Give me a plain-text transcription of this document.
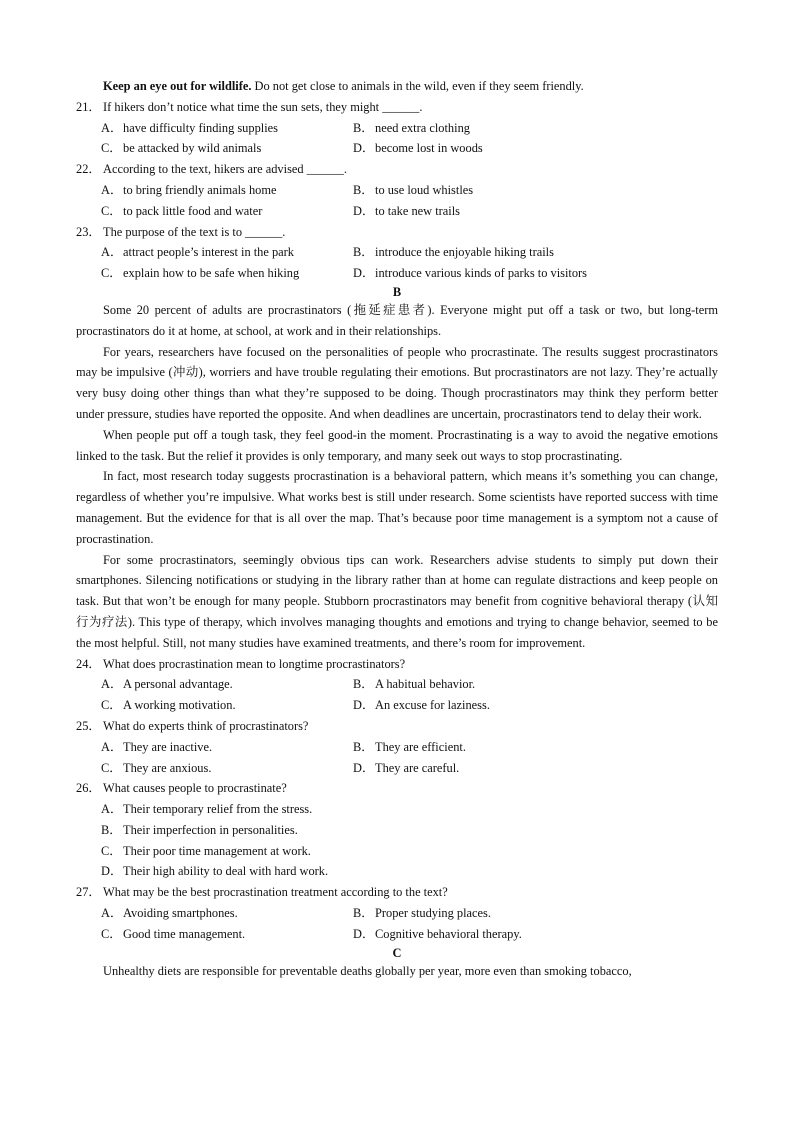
Keep an eye out for wildlife. Do not get close to animals in the wild, even if they seem friendly.

21． If hikers don’t notice what time the sun sets, they might ______.

A．have difficulty finding supplies	B．need extra clothing
C．be attacked by wild animals	D．become lost in woods

22． According to the text, hikers are advised ______.

A．to bring friendly animals home	B．to use loud whistles
C．to pack little food and water	D．to take new trails

23． The purpose of the text is to ______.

A．attract people’s interest in the park	B．introduce the enjoyable hiking trails
C．explain how to be safe when hiking	D．introduce various kinds of parks to visitors

B

Some 20 percent of adults are procrastinators (拖延症患者). Everyone might put off a task or two, but long-term procrastinators do it at home, at school, at work and in their relationships.

For years, researchers have focused on the personalities of people who procrastinate. The results suggest procrastinators may be impulsive (冲动), worriers and have trouble regulating their emotions. But procrastinators are not lazy. They’re actually very busy doing other things than what they’re supposed to be doing. Though procrastinators may think they perform better under pressure, studies have reported the opposite. And when deadlines are uncertain, procrastinators tend to delay their work.

When people put off a tough task, they feel good-in the moment. Procrastinating is a way to avoid the negative emotions linked to the task. But the relief it provides is only temporary, and many seek out ways to stop procrastinating.

In fact, most research today suggests procrastination is a behavioral pattern, which means it’s something you can change, regardless of whether you’re impulsive. What works best is still under research. Some scientists have reported success with time management. But the evidence for that is all over the map. That’s because poor time management is a symptom not a cause of procrastination.

For some procrastinators, seemingly obvious tips can work. Researchers advise students to simply put down their smartphones. Silencing notifications or studying in the library rather than at home can regulate distractions and keep people on task. But that won’t be enough for many people. Stubborn procrastinators may benefit from cognitive behavioral therapy (认知行为疗法). This type of therapy, which involves managing thoughts and emotions and trying to change behavior, seemed to be the most helpful. Still, not many studies have examined treatments, and there’s room for improvement.

24． What does procrastination mean to longtime procrastinators?

A．A personal advantage.	B．A habitual behavior.
C．A working motivation.	D．An excuse for laziness.

25． What do experts think of procrastinators?

A．They are inactive.	B．They are efficient.
C．They are anxious.	D．They are careful.

26． What causes people to procrastinate?

A．Their temporary relief from the stress.
B．Their imperfection in personalities.
C．Their poor time management at work.
D．Their high ability to deal with hard work.

27． What may be the best procrastination treatment according to the text?

A．Avoiding smartphones.	B．Proper studying places.
C．Good time management.	D．Cognitive behavioral therapy.

C

Unhealthy diets are responsible for preventable deaths globally per year, more even than smoking tobacco,
